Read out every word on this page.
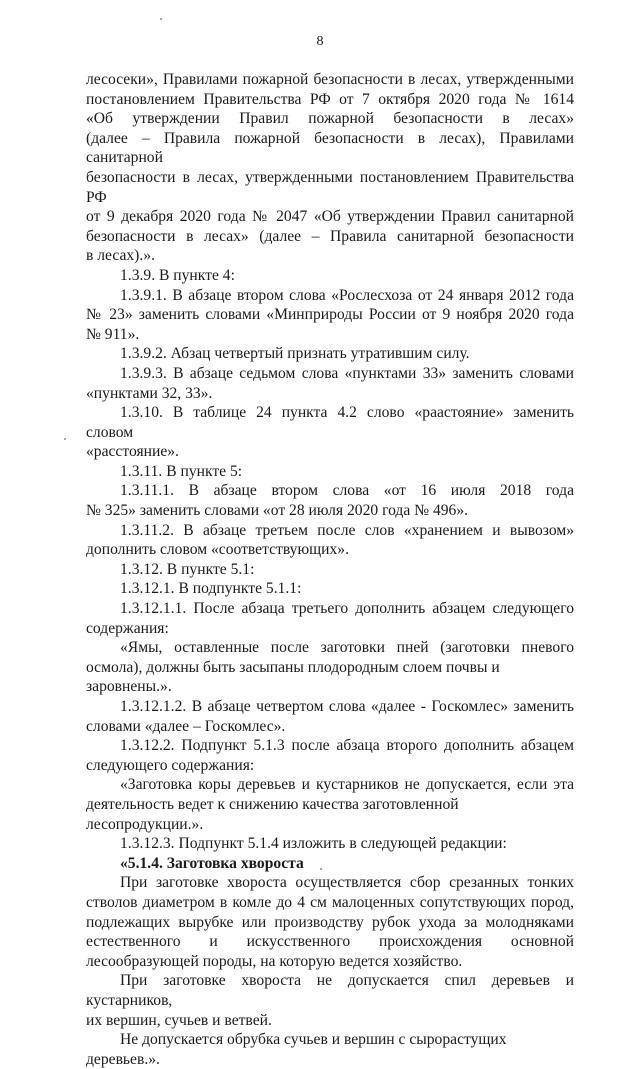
8

лесосеки», Правилами пожарной безопасности в лесах, утвержденными

постановлением Правительства РФ от 7 октября 2020 года № 1614

«Об утверждении Правил пожарной безопасности в лесах»

(далее – Правила пожарной безопасности в лесах), Правилами санитарной

безопасности в лесах, утвержденными постановлением Правительства РФ

от 9 декабря 2020 года № 2047 «Об утверждении Правил санитарной

безопасности в лесах» (далее – Правила санитарной безопасности

в лесах).».

1.3.9. В пункте 4:

1.3.9.1. В абзаце втором слова «Рослесхоза от 24 января 2012 года

№ 23» заменить словами «Минприроды России от 9 ноября 2020 года

№ 911».

1.3.9.2. Абзац четвертый признать утратившим силу.

1.3.9.3. В абзаце седьмом слова «пунктами 33» заменить словами

«пунктами 32, 33».

1.3.10. В таблице 24 пункта 4.2 слово «раастояние» заменить словом

«расстояние».

1.3.11. В пункте 5:

1.3.11.1. В абзаце втором слова «от 16 июля 2018 года

№ 325» заменить словами «от 28 июля 2020 года № 496».

1.3.11.2. В абзаце третьем после слов «хранением и вывозом»

дополнить словом «соответствующих».

1.3.12. В пункте 5.1:

1.3.12.1. В подпункте 5.1.1:

1.3.12.1.1. После абзаца третьего дополнить абзацем следующего

содержания:

«Ямы, оставленные после заготовки пней (заготовки пневого

осмола), должны быть засыпаны плодородным слоем почвы и заровнены.».

1.3.12.1.2. В абзаце четвертом слова «далее - Госкомлес» заменить

словами «далее – Госкомлес».

1.3.12.2. Подпункт 5.1.3 после абзаца второго дополнить абзацем

следующего содержания:

«Заготовка коры деревьев и кустарников не допускается, если эта

деятельность ведет к снижению качества заготовленной лесопродукции.».

1.3.12.3. Подпункт 5.1.4 изложить в следующей редакции:

«5.1.4. Заготовка хвороста

При заготовке хвороста осуществляется сбор срезанных тонких

стволов диаметром в комле до 4 см малоценных сопутствующих пород,

подлежащих вырубке или производству рубок ухода за молодняками

естественного и искусственного происхождения основной

лесообразующей породы, на которую ведется хозяйство.

При заготовке хвороста не допускается спил деревьев и кустарников,

их вершин, сучьев и ветвей.

Не допускается обрубка сучьев и вершин с сырорастущих деревьев.».
